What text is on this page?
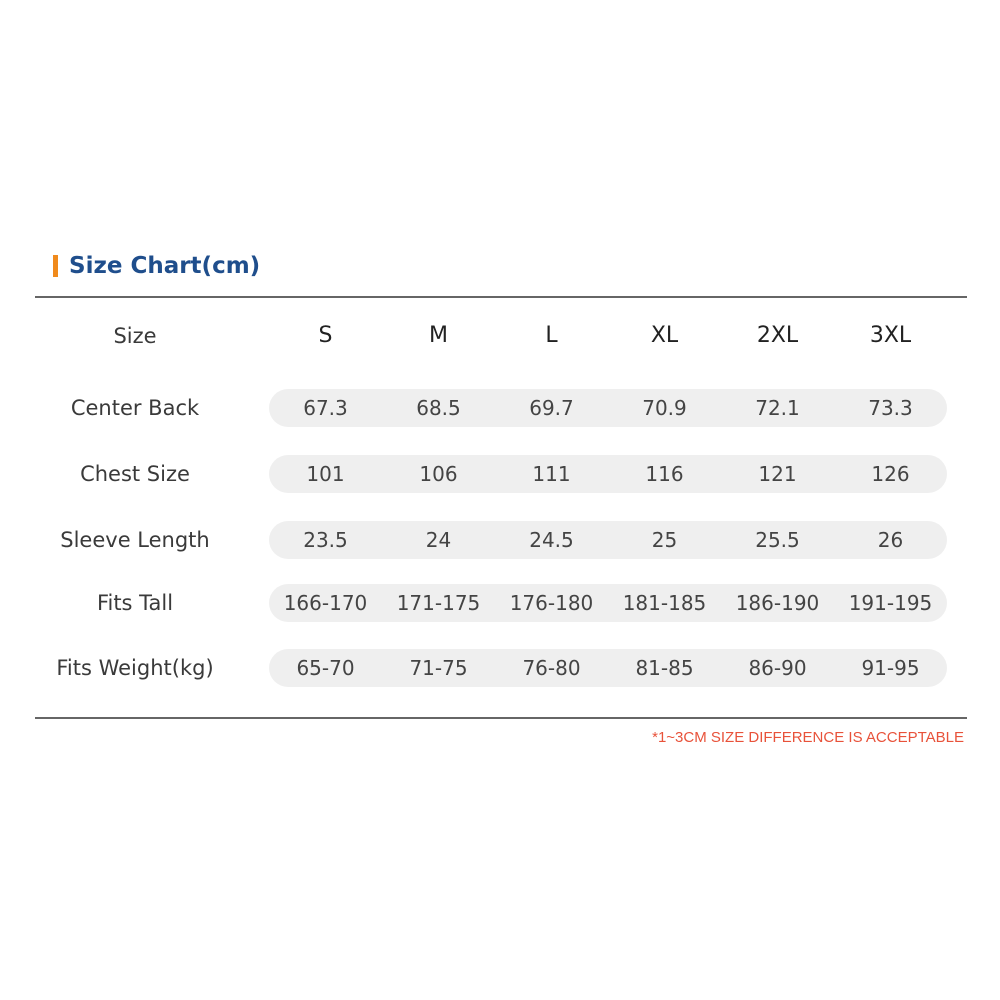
Size Chart(cm)
Size	S	M	L	XL	2XL	3XL
Center Back	67.3	68.5	69.7	70.9	72.1	73.3
Chest Size	101	106	111	116	121	126
Sleeve Length	23.5	24	24.5	25	25.5	26
Fits Tall	166-170	171-175	176-180	181-185	186-190	191-195
Fits Weight(kg)	65-70	71-75	76-80	81-85	86-90	91-95
*1~3CM SIZE DIFFERENCE IS ACCEPTABLE
